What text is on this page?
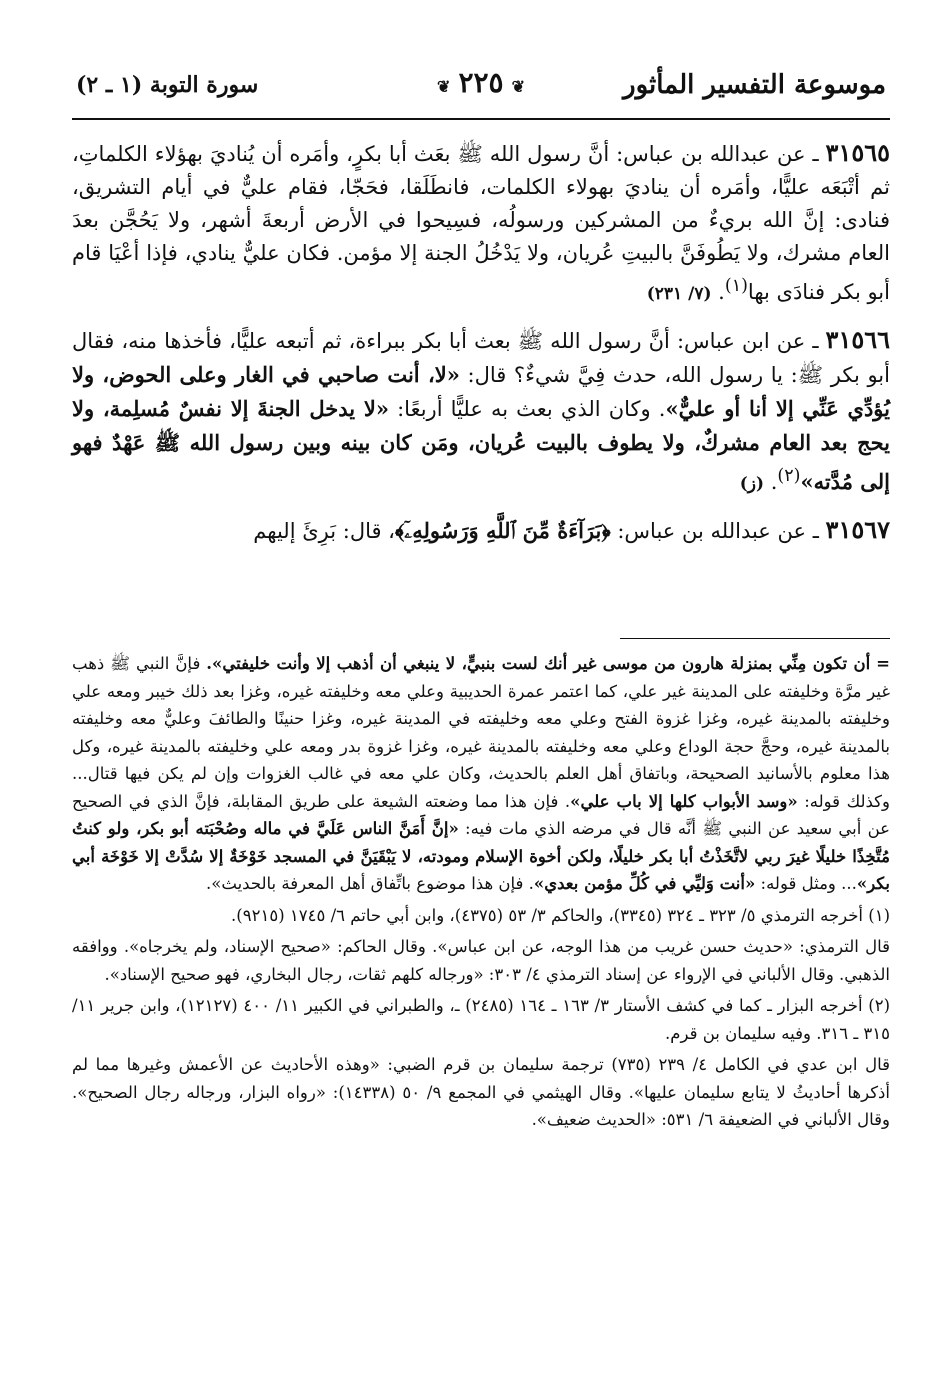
موسوعة التفسير المأثور
❦٢٢٥❦
سورة التوبة (١ ـ ٢)

٣١٥٦٥ ـ عن عبدالله بن عباس: أنَّ رسول الله ﷺ بعَث أبا بكرٍ، وأمَره أن يُناديَ بهؤلاء الكلماتِ، ثم أتْبَعَه عليًّا، وأمَره أن يناديَ بهولاء الكلمات، فانطَلَقا، فحَجّا، فقام عليٌّ في أيام التشريق، فنادى: إنَّ الله بريءٌ من المشركين ورسولُه، فسِيحوا في الأرض أربعةَ أشهر، ولا يَحُجَّن بعدَ العام مشرك، ولا يَطُوفَنَّ بالبيتِ عُريان، ولا يَدْخُلُ الجنة إلا مؤمن. فكان عليٌّ ينادي، فإذا أعْيَا قام أبو بكر فنادَى بها$^{(١)}$. (٧/ ٢٣١)

٣١٥٦٦ ـ عن ابن عباس: أنَّ رسول الله ﷺ بعث أبا بكر ببراءة، ثم أتبعه عليًّا، فأخذها منه، فقال أبو بكر ﷺ: يا رسول الله، حدث فِيَّ شيءٌ؟ قال: «لا، أنت صاحبي في الغار وعلى الحوض، ولا يُؤدِّي عَنِّي إلا أنا أو عليٌّ». وكان الذي بعث به عليًّا أربعًا: «لا يدخل الجنةَ إلا نفسٌ مُسلِمة، ولا يحج بعد العام مشركٌ، ولا يطوف بالبيت عُريان، ومَن كان بينه وبين رسول الله ﷺ عَهْدٌ فهو إلى مُدَّته»$^{(٢)}$. (ز)

٣١٥٦٧ ـ عن عبدالله بن عباس: ﴿بَرَآءَةٌ مِّنَ ٱللَّهِ وَرَسُولِهِۦٓ﴾، قال: بَرِئَ إليهم

= أن تكون مِنِّي بمنزلة هارون من موسى غير أنك لست بنبيٍّ، لا ينبغي أن أذهب إلا وأنت خليفتي». فإنَّ النبي ﷺ ذهب غير مرَّة وخليفته على المدينة غير علي، كما اعتمر عمرة الحديبية وعلي معه وخليفته غيره، وغزا بعد ذلك خيبر ومعه علي وخليفته بالمدينة غيره، وغزا غزوة الفتح وعلي معه وخليفته في المدينة غيره، وغزا حنينًا والطائفَ وعليٌّ معه وخليفته بالمدينة غيره، وحجَّ حجة الوداع وعلي معه وخليفته بالمدينة غيره، وغزا غزوة بدر ومعه علي وخليفته بالمدينة غيره، وكل هذا معلوم بالأسانيد الصحيحة، وباتفاق أهل العلم بالحديث، وكان علي معه في غالب الغزوات وإن لم يكن فيها قتال... وكذلك قوله: «وسد الأبواب كلها إلا باب علي». فإن هذا مما وضعته الشيعة على طريق المقابلة، فإنَّ الذي في الصحيح عن أبي سعيد عن النبي ﷺ أنَّه قال في مرضه الذي مات فيه: «إنَّ أَمَنَّ الناس عَلَيَّ في ماله وصُحْبَته أبو بكر، ولو كنتُ مُتَّخِذًا خليلًا غيرَ ربي لاتَّخَذْتُ أبا بكر خليلًا، ولكن أخوة الإسلام ومودته، لا يَبْقَيَنَّ في المسجد خَوْخَةٌ إلا سُدَّتْ إلا خَوْخَة أبي بكر»... ومثل قوله: «أنت وَليِّي في كُلِّ مؤمن بعدي». فإن هذا موضوع باتِّفاق أهل المعرفة بالحديث».

(١) أخرجه الترمذي ٥/ ٣٢٣ ـ ٣٢٤ (٣٣٤٥)، والحاكم ٣/ ٥٣ (٤٣٧٥)، وابن أبي حاتم ٦/ ١٧٤٥ (٩٢١٥).

قال الترمذي: «حديث حسن غريب من هذا الوجه، عن ابن عباس». وقال الحاكم: «صحيح الإسناد، ولم يخرجاه». ووافقه الذهبي. وقال الألباني في الإرواء عن إسناد الترمذي ٤/ ٣٠٣: «ورجاله كلهم ثقات، رجال البخاري، فهو صحيح الإسناد».

(٢) أخرجه البزار ـ كما في كشف الأستار ٣/ ١٦٣ ـ ١٦٤ (٢٤٨٥) ـ، والطبراني في الكبير ١١/ ٤٠٠ (١٢١٢٧)، وابن جرير ١١/ ٣١٥ ـ ٣١٦. وفيه سليمان بن قرم.

قال ابن عدي في الكامل ٤/ ٢٣٩ (٧٣٥) ترجمة سليمان بن قرم الضبي: «وهذه الأحاديث عن الأعمش وغيرها مما لم أذكرها أحاديثُ لا يتابع سليمان عليها». وقال الهيثمي في المجمع ٩/ ٥٠ (١٤٣٣٨): «رواه البزار، ورجاله رجال الصحيح». وقال الألباني في الضعيفة ٦/ ٥٣١: «الحديث ضعيف».
